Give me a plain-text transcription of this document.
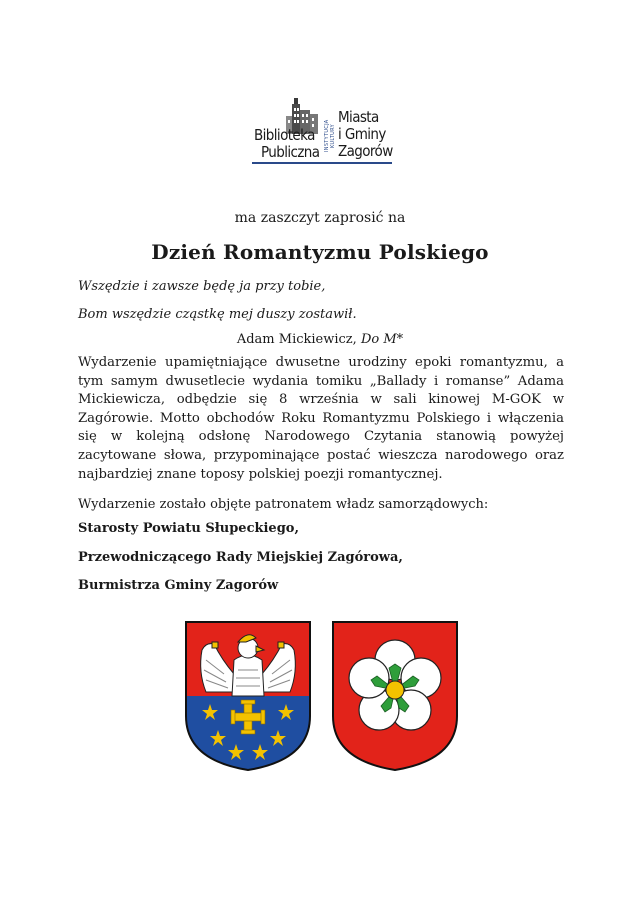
Biblioteka
Publiczna INSTYTUCJA KULTURY
Miasta
i Gminy
Zagorów
ma zaszczyt zaprosić na
Dzień Romantyzmu Polskiego
Wszędzie i zawsze będę ja przy tobie,
Bom wszędzie cząstkę mej duszy zostawił.
Adam Mickiewicz, Do M*
Wydarzenie upamiętniające dwusetne urodziny epoki romantyzmu, a tym samym dwusetlecie wydania tomiku „Ballady i romanse” Adama Mickiewicza, odbędzie się 8 września w sali kinowej M-GOK w Zagórowie. Motto obchodów Roku Romantyzmu Polskiego i włączenia się w kolejną odsłonę Narodowego Czytania stanowią powyżej zacytowane słowa, przypominające postać wieszcza narodowego oraz najbardziej znane toposy polskiej poezji romantycznej.
Wydarzenie zostało objęte patronatem władz samorządowych:
Starosty Powiatu Słupeckiego,
Przewodniczącego Rady Miejskiej Zagórowa,
Burmistrza Gminy Zagorów
